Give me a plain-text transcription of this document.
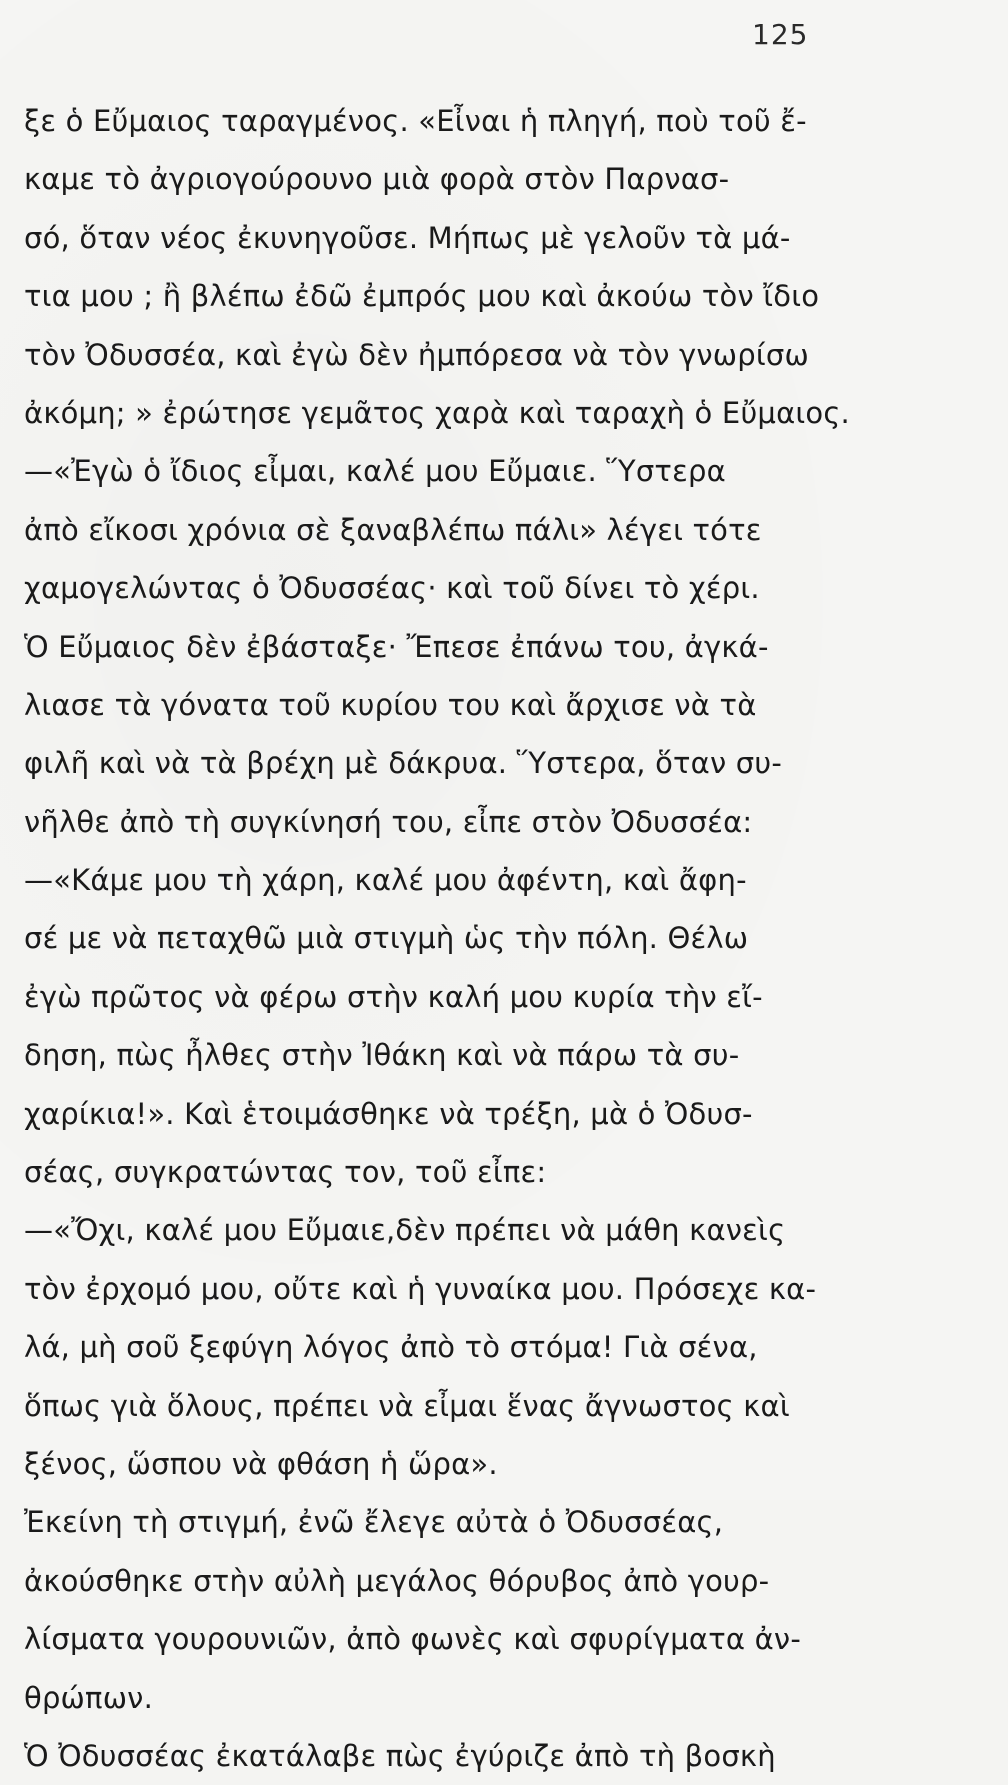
125
ξε ὁ Εὔμαιος ταραγμένος. «Εἶναι ἡ πληγή, ποὺ τοῦ ἔ-
καμε τὸ ἀγριογούρουνο μιὰ φορὰ στὸν Παρνασ-
σό, ὅταν νέος ἐκυνηγοῦσε. Μήπως μὲ γελοῦν τὰ μά-
τια μου ; ἢ βλέπω ἐδῶ ἐμπρός μου καὶ ἀκούω τὸν ἴδιο
τὸν Ὀδυσσέα, καὶ ἐγὼ δὲν ἠμπόρεσα νὰ τὸν γνωρίσω
ἀκόμη; » ἐρώτησε γεμᾶτος χαρὰ καὶ ταραχὴ ὁ Εὔμαιος.
—«Ἐγὼ ὁ ἴδιος εἶμαι, καλέ μου Εὔμαιε. Ὕστερα
ἀπὸ εἴκοσι χρόνια σὲ ξαναβλέπω πάλι» λέγει τότε
χαμογελώντας ὁ Ὀδυσσέας· καὶ τοῦ δίνει τὸ χέρι.
Ὁ Εὔμαιος δὲν ἐβάσταξε· Ἔπεσε ἐπάνω του, ἀγκά-
λιασε τὰ γόνατα τοῦ κυρίου του καὶ ἄρχισε νὰ τὰ
φιλῆ καὶ νὰ τὰ βρέχη μὲ δάκρυα. Ὕστερα, ὅταν συ-
νῆλθε ἀπὸ τὴ συγκίνησή του, εἶπε στὸν Ὀδυσσέα:
—«Κάμε μου τὴ χάρη, καλέ μου ἀφέντη, καὶ ἄφη-
σέ με νὰ πεταχθῶ μιὰ στιγμὴ ὡς τὴν πόλη. Θέλω
ἐγὼ πρῶτος νὰ φέρω στὴν καλή μου κυρία τὴν εἴ-
δηση, πὼς ἦλθες στὴν Ἰθάκη καὶ νὰ πάρω τὰ συ-
χαρίκια!». Καὶ ἑτοιμάσθηκε νὰ τρέξη, μὰ ὁ Ὀδυσ-
σέας, συγκρατώντας τον, τοῦ εἶπε:
—«Ὄχι, καλέ μου Εὔμαιε,δὲν πρέπει νὰ μάθη κανεὶς
τὸν ἐρχομό μου, οὔτε καὶ ἡ γυναίκα μου. Πρόσεχε κα-
λά, μὴ σοῦ ξεφύγη λόγος ἀπὸ τὸ στόμα! Γιὰ σένα,
ὅπως γιὰ ὅλους, πρέπει νὰ εἶμαι ἕνας ἄγνωστος καὶ
ξένος, ὥσπου νὰ φθάση ἡ ὥρα».
Ἐκείνη τὴ στιγμή, ἐνῶ ἔλεγε αὐτὰ ὁ Ὀδυσσέας,
ἀκούσθηκε στὴν αὐλὴ μεγάλος θόρυβος ἀπὸ γουρ-
λίσματα γουρουνιῶν, ἀπὸ φωνὲς καὶ σφυρίγματα ἀν-
θρώπων.
Ὁ Ὀδυσσέας ἐκατάλαβε πὼς ἐγύριζε ἀπὸ τὴ βοσκὴ
